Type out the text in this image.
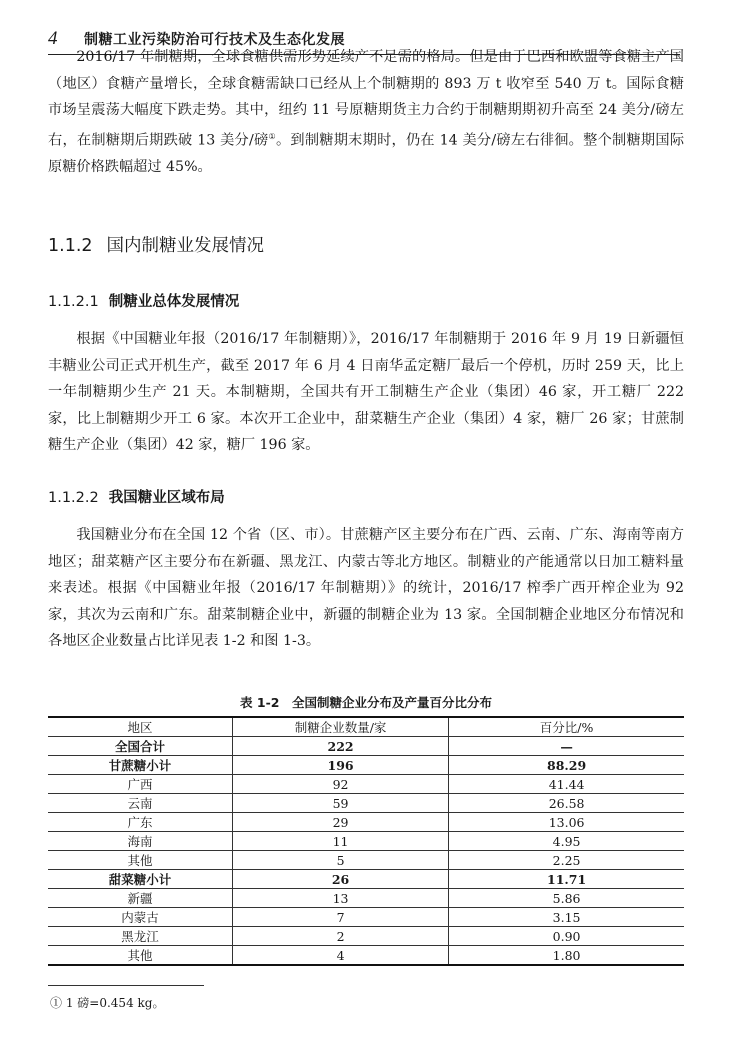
4	制糖工业污染防治可行技术及生态化发展

2016/17 年制糖期，全球食糖供需形势延续产不足需的格局。但是由于巴西和欧盟等食糖主产国（地区）食糖产量增长，全球食糖需缺口已经从上个制糖期的 893 万 t 收窄至 540 万 t。国际食糖市场呈震荡大幅度下跌走势。其中，纽约 11 号原糖期货主力合约于制糖期期初升高至 24 美分/磅左右，在制糖期后期跌破 13 美分/磅①。到制糖期末期时，仍在 14 美分/磅左右徘徊。整个制糖期国际原糖价格跌幅超过 45%。

1.1.2 国内制糖业发展情况
1.1.2.1 制糖业总体发展情况

根据《中国糖业年报（2016/17 年制糖期）》，2016/17 年制糖期于 2016 年 9 月 19 日新疆恒丰糖业公司正式开机生产，截至 2017 年 6 月 4 日南华孟定糖厂最后一个停机，历时 259 天，比上一年制糖期少生产 21 天。本制糖期，全国共有开工制糖生产企业（集团）46 家，开工糖厂 222 家，比上制糖期少开工 6 家。本次开工企业中，甜菜糖生产企业（集团）4 家，糖厂 26 家；甘蔗制糖生产企业（集团）42 家，糖厂 196 家。

1.1.2.2 我国糖业区域布局

我国糖业分布在全国 12 个省（区、市）。甘蔗糖产区主要分布在广西、云南、广东、海南等南方地区；甜菜糖产区主要分布在新疆、黑龙江、内蒙古等北方地区。制糖业的产能通常以日加工糖料量来表述。根据《中国糖业年报（2016/17 年制糖期）》的统计，2016/17 榨季广西开榨企业为 92 家，其次为云南和广东。甜菜制糖企业中，新疆的制糖企业为 13 家。全国制糖企业地区分布情况和各地区企业数量占比详见表 1-2 和图 1-3。

表 1-2　全国制糖企业分布及产量百分比分布
地区	制糖企业数量/家	百分比/%
全国合计	222	—
甘蔗糖小计	196	88.29
广西	92	41.44
云南	59	26.58
广东	29	13.06
海南	11	4.95
其他	5	2.25
甜菜糖小计	26	11.71
新疆	13	5.86
内蒙古	7	3.15
黑龙江	2	0.90
其他	4	1.80
① 1 磅=0.454 kg。
